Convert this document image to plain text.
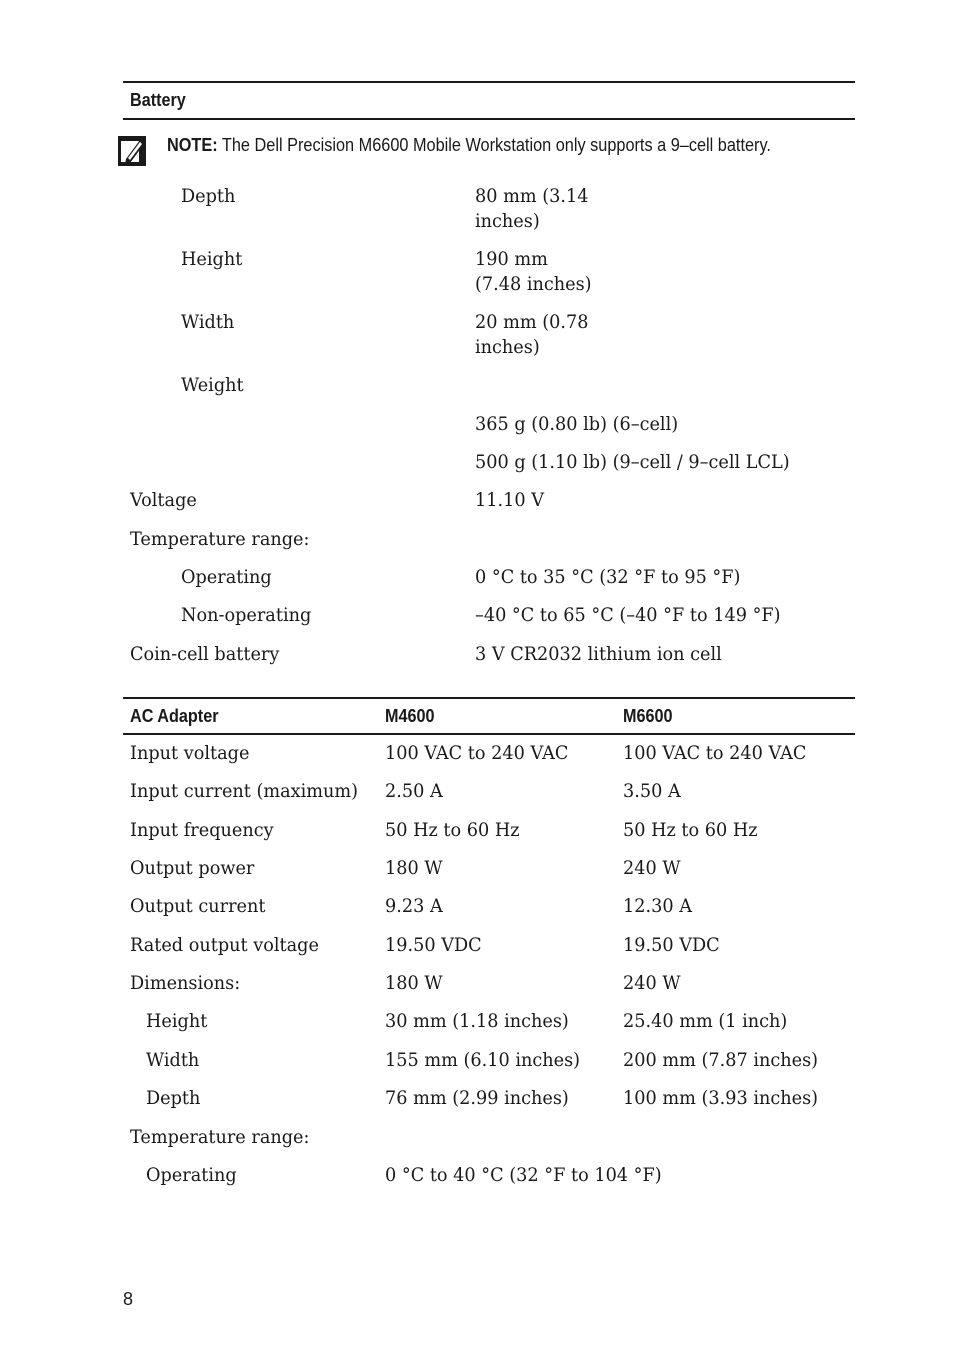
Battery
NOTE: The Dell Precision M6600 Mobile Workstation only supports a 9–cell battery.
Depth	80 mm (3.14 inches)
Height	190 mm (7.48 inches)
Width	20 mm (0.78 inches)
Weight
365 g (0.80 lb) (6–cell)
500 g (1.10 lb) (9–cell / 9–cell LCL)
Voltage	11.10 V
Temperature range:
Operating	0 °C to 35 °C (32 °F to 95 °F)
Non-operating	–40 °C to 65 °C (–40 °F to 149 °F)
Coin-cell battery	3 V CR2032 lithium ion cell
AC Adapter	M4600	M6600
Input voltage	100 VAC to 240 VAC	100 VAC to 240 VAC
Input current (maximum) 2.50 A	3.50 A
Input frequency	50 Hz to 60 Hz	50 Hz to 60 Hz
Output power	180 W	240 W
Output current	9.23 A	12.30 A
Rated output voltage	19.50 VDC	19.50 VDC
Dimensions:	180 W	240 W
Height	30 mm (1.18 inches)	25.40 mm (1 inch)
Width	155 mm (6.10 inches) 200 mm (7.87 inches)
Depth	76 mm (2.99 inches)	100 mm (3.93 inches)
Temperature range:
Operating	0 °C to 40 °C (32 °F to 104 °F)
8
